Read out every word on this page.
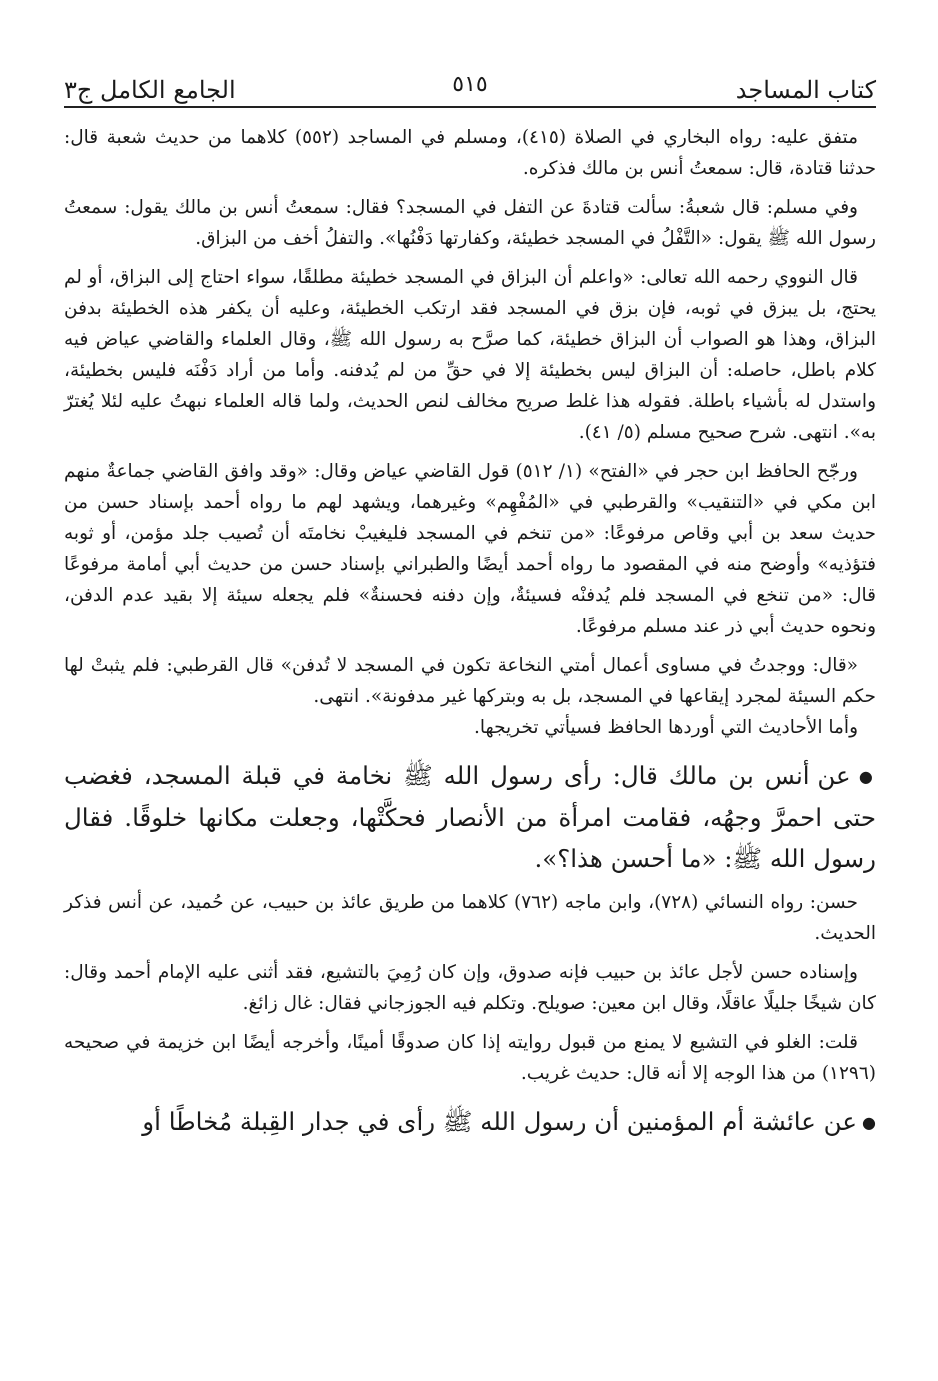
كتاب المساجد
٥١٥
الجامع الكامل ج٣

متفق عليه: رواه البخاري في الصلاة (٤١٥)، ومسلم في المساجد (٥٥٢) كلاهما من حديث شعبة قال: حدثنا قتادة، قال: سمعتُ أنس بن مالك فذكره.

وفي مسلم: قال شعبةُ: سألت قتادةَ عن التفل في المسجد؟ فقال: سمعتُ أنس بن مالك يقول: سمعتُ رسول الله ﷺ يقول: «التَّفْلُ في المسجد خطيئة، وكفارتها دَفْنُها». والتفلُ أخف من البزاق.

قال النووي رحمه الله تعالى: «واعلم أن البزاق في المسجد خطيئة مطلقًا، سواء احتاج إلى البزاق، أو لم يحتج، بل يبزق في ثوبه، فإن بزق في المسجد فقد ارتكب الخطيئة، وعليه أن يكفر هذه الخطيئة بدفن البزاق، وهذا هو الصواب أن البزاق خطيئة، كما صرَّح به رسول الله ﷺ، وقال العلماء والقاضي عياض فيه كلام باطل، حاصله: أن البزاق ليس بخطيئة إلا في حقِّ من لم يُدفنه. وأما من أراد دَفْنَه فليس بخطيئة، واستدل له بأشياء باطلة. فقوله هذا غلط صريح مخالف لنص الحديث، ولما قاله العلماء نبهتُ عليه لئلا يُغترّ به». انتهى. شرح صحيح مسلم (٥/ ٤١).

ورجّح الحافظ ابن حجر في «الفتح» (١/ ٥١٢) قول القاضي عياض وقال: «وقد وافق القاضي جماعةٌ منهم ابن مكي في «التنقيب» والقرطبي في «المُفْهِم» وغيرهما، ويشهد لهم ما رواه أحمد بإسناد حسن من حديث سعد بن أبي وقاص مرفوعًا: «من تنخم في المسجد فليغيبْ نخامتَه أن تُصيب جلد مؤمن، أو ثوبه فتؤذيه» وأوضح منه في المقصود ما رواه أحمد أيضًا والطبراني بإسناد حسن من حديث أبي أمامة مرفوعًا قال: «من تنخع في المسجد فلم يُدفنْه فسيئةٌ، وإن دفنه فحسنةٌ» فلم يجعله سيئة إلا بقيد عدم الدفن، ونحوه حديث أبي ذر عند مسلم مرفوعًا.

«قال: ووجدتُ في مساوى أعمال أمتي النخاعة تكون في المسجد لا تُدفن» قال القرطبي: فلم يثبتْ لها حكم السيئة لمجرد إيقاعها في المسجد، بل به وبتركها غير مدفونة». انتهى.

وأما الأحاديث التي أوردها الحافظ فسيأتي تخريجها.

● عن أنس بن مالك قال: رأى رسول الله ﷺ نخامة في قبلة المسجد، فغضب حتى احمرَّ وجهُه، فقامت امرأة من الأنصار فحكَّتْها، وجعلت مكانها خلوقًا. فقال رسول الله ﷺ: «ما أحسن هذا؟».

حسن: رواه النسائي (٧٢٨)، وابن ماجه (٧٦٢) كلاهما من طريق عائذ بن حبيب، عن حُميد، عن أنس فذكر الحديث.

وإسناده حسن لأجل عائذ بن حبيب فإنه صدوق، وإن كان رُمِيَ بالتشيع، فقد أثنى عليه الإمام أحمد وقال: كان شيخًا جليلًا عاقلًا، وقال ابن معين: صويلح. وتكلم فيه الجوزجاني فقال: غال زائغ.

قلت: الغلو في التشيع لا يمنع من قبول روايته إذا كان صدوقًا أمينًا، وأخرجه أيضًا ابن خزيمة في صحيحه (١٢٩٦) من هذا الوجه إلا أنه قال: حديث غريب.

● عن عائشة أم المؤمنين أن رسول الله ﷺ رأى في جدار القِبلة مُخاطًا أو
